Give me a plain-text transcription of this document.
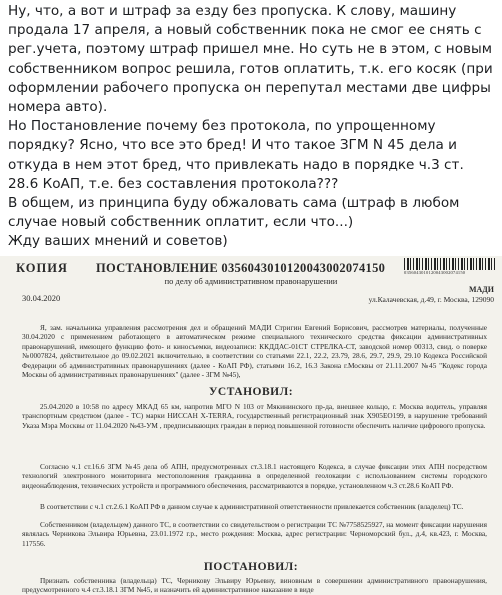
Ну, что, а вот и штраф за езду без пропуска. К слову, машину продала 17 апреля, а новый собственник пока не смог ее снять с рег.учета, поэтому штраф пришел мне. Но суть не в этом, с новым собственником вопрос решила, готов оплатить, т.к. его косяк (при оформлении рабочего пропуска он перепутал местами две цифры номера авто).

Но Постановление почему без протокола, по упрощенному порядку? Ясно, что все это бред! И что такое ЗГМ N 45 дела и откуда в нем этот бред, что привлекать надо в порядке ч.3 ст. 28.6 КоАП, т.е. без составления протокола???

В общем, из принципа буду обжаловать сама (штраф в любом случае новый собственник оплатит, если что...)

Жду ваших мнений и советов)

КОПИЯ ПОСТАНОВЛЕНИЕ 0356043010120043002074150	0356043010120043002074150
по делу об административном правонарушении
30.04.2020
МАДИ
ул.Калачевская, д.49, г. Москва, 129090
Я, зам. начальника управления рассмотрения дел и обращений МАДИ Стригин Евгений Борисович, рассмотрев материалы, полученные 30.04.2020 с применением работающего в автоматическом режиме специального технического средства фиксации административных правонарушений, имеющего функцию фото- и киносъемки, видеозаписи: ККДДАС-01СТ СТРЕЛКА-СТ, заводской номер 00313, свид. о поверке №0007824, действительное до 09.02.2021 включительно, в соответствии со статьями 22.1, 22.2, 23.79, 28.6, 29.7, 29.9, 29.10 Кодекса Российской Федерации об административных правонарушениях (далее - КоАП РФ), статьями 16.2, 16.3 Закона г.Москвы от 21.11.2007 №45 "Кодекс города Москвы об административных правонарушениях" (далее - ЗГМ №45),
УСТАНОВИЛ:
25.04.2020 в 10:58 по адресу МКАД 65 км, напротив МГО N 103 от Мякининского пр-да, внешнее кольцо, г. Москва водитель, управляя транспортным средством (далее - ТС) марки НИССАН X-TERRA, государственный регистрационный знак X905EO199, в нарушение требований Указа Мэра Москвы от 11.04.2020 №43-УМ , предписывающих граждан в период повышенной готовности обеспечить наличие цифрового пропуска.
Согласно ч.1 ст.16.6 ЗГМ №45 дела об АПН, предусмотренных ст.3.18.1 настоящего Кодекса, в случае фиксации этих АПН посредством технологий электронного мониторинга местоположения гражданина в определенной геолокации с использованием системы городского видеонаблюдения, технических устройств и программного обеспечения, рассматриваются в порядке, установленном ч.3 ст.28.6 КоАП РФ.
В соответствии с ч.1 ст.2.6.1 КоАП РФ в данном случае к административной ответственности привлекается собственник (владелец) ТС.
Собственником (владельцем) данного ТС, в соответствии со свидетельством о регистрации ТС №7758525927, на момент фиксации нарушения являлась Черникова Эльвира Юрьевна, 23.01.1972 г.р., место рождения: Москва, адрес регистрации: Черноморский бул., д.4, кв.423, г. Москва, 117556.
ПОСТАНОВИЛ:
Признать собственника (владельца) ТС, Черникову Эльвиру Юрьевну, виновным в совершении административного правонарушения, предусмотренного ч.4 ст.3.18.1 ЗГМ №45, и назначить ей административное наказание в виде
